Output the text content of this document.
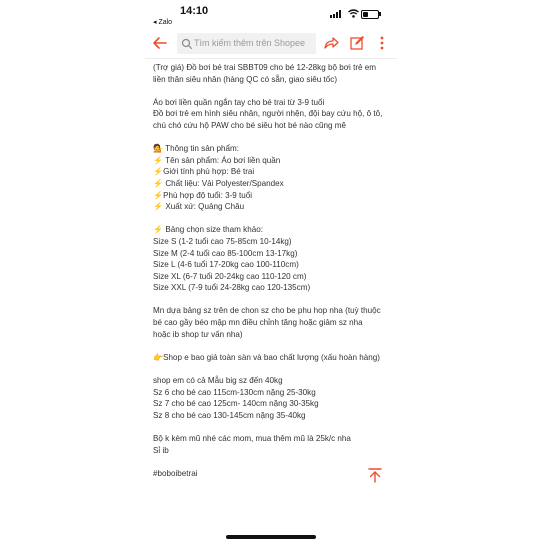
14:10
◂ Zalo
Tìm kiếm thêm trên Shopee
(Trợ giá) Đồ bơi bé trai SBBT09 cho bé 12-28kg bộ bơi trẻ em
liền thân siêu nhân (hàng QC có sẵn, giao siêu tốc)
Áo bơi liền quần ngắn tay cho bé trai từ 3-9 tuổi
Đồ bơi trẻ em hình siêu nhân, người nhện, đội bay cứu hộ, ô tô,
chú chó cứu hộ PAW cho bé siêu hot bé nào cũng mê
💁 Thông tin sản phẩm:
⚡ Tên sản phẩm: Áo bơi liền quần
⚡Giới tính phù hợp: Bé trai
⚡ Chất liệu: Vải Polyester/Spandex
⚡Phù hợp độ tuổi: 3-9 tuổi
⚡ Xuất xứ: Quảng Châu
⚡ Bảng chọn size tham khảo:
Size S (1-2 tuổi cao 75-85cm 10-14kg)
Size M (2-4 tuổi cao 85-100cm 13-17kg)
Size L (4-6 tuổi 17-20kg cao 100-110cm)
Size XL (6-7 tuổi 20-24kg cao 110-120 cm)
Size XXL (7-9 tuổi 24-28kg cao 120-135cm)
Mn dựa bảng sz trên de chon sz cho be phu hop nha (tuỳ thuộc
bé cao gầy béo mập mn điều chỉnh tăng hoặc giảm sz nha
hoặc ib shop tư vấn nha)
👉Shop e bao giá toàn sàn và bao chất lượng (xấu hoàn hàng)
shop em có cả Mẫu big sz đến 40kg
Sz 6 cho bé cao 115cm-130cm nặng 25-30kg
Sz 7 cho bé cao 125cm- 140cm nặng 30-35kg
Sz 8 cho bé cao 130-145cm nặng 35-40kg
Bộ k kèm mũ nhé các mom, mua thêm mũ là 25k/c nha
Sỉ ib
#boboibetrai
